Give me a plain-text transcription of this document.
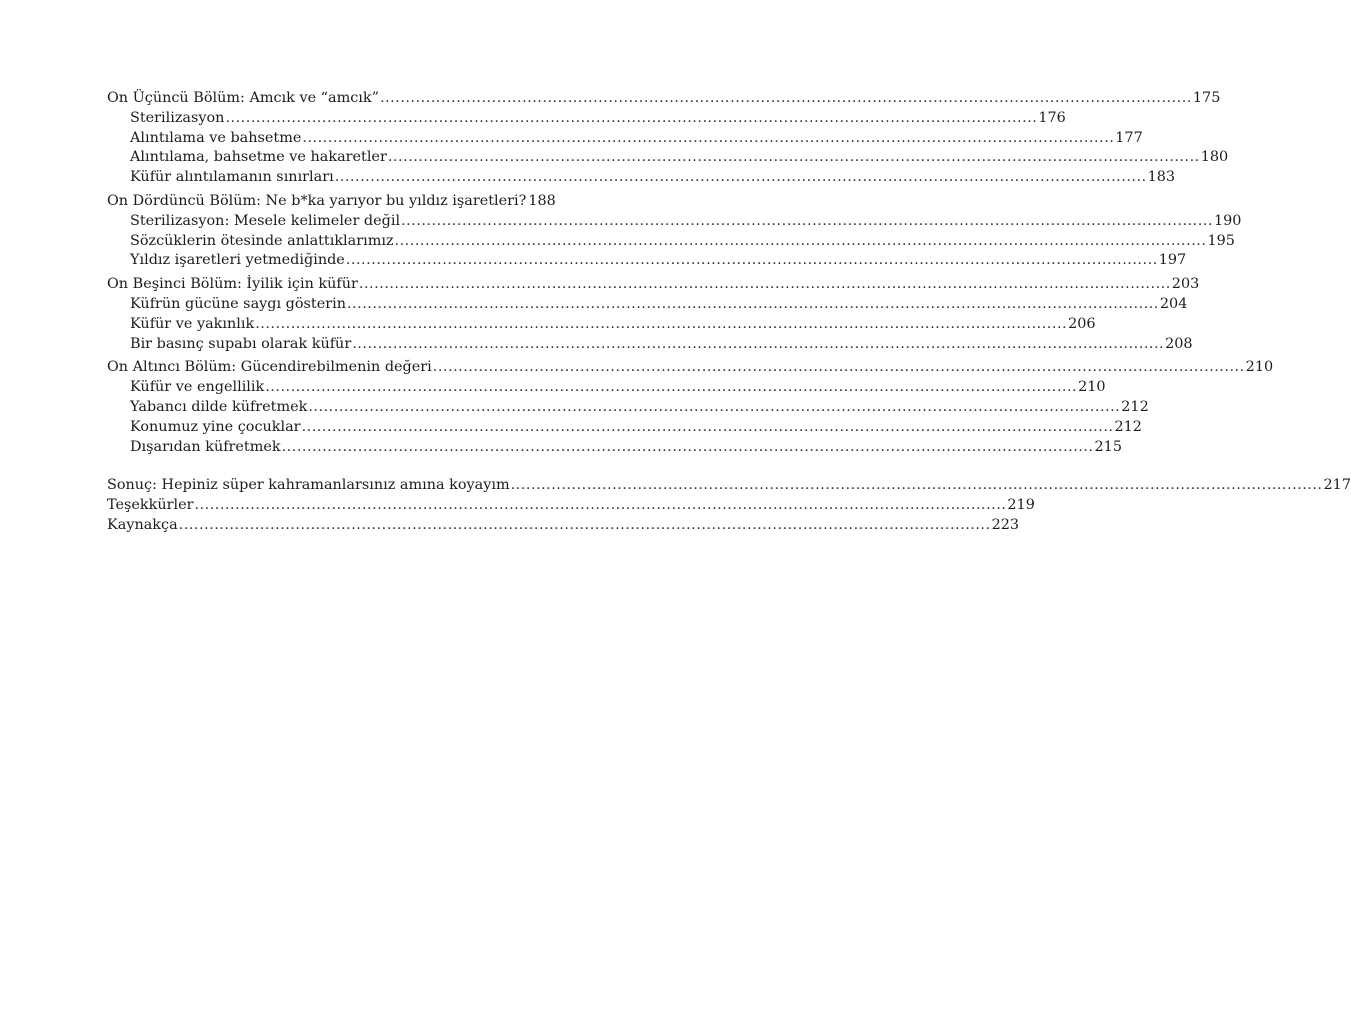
On Üçüncü Bölüm: Amcık ve “amcık” .....	175
Sterilizasyon .....	176
Alıntılama ve bahsetme .....	177
Alıntılama, bahsetme ve hakaretler .....	180
Küfür alıntılamanın sınırları .....	183
On Dördüncü Bölüm: Ne b*ka yarıyor bu yıldız işaretleri? 188
Sterilizasyon: Mesele kelimeler değil .....	190
Sözcüklerin ötesinde anlattıklarımız .....	195
Yıldız işaretleri yetmediğinde .....	197
On Beşinci Bölüm: İyilik için küfür .....	203
Küfrün gücüne saygı gösterin .....	204
Küfür ve yakınlık .....	206
Bir basınç supabı olarak küfür .....	208
On Altıncı Bölüm: Gücendirebilmenin değeri .....	210
Küfür ve engellilik .....	210
Yabancı dilde küfretmek .....	212
Konumuz yine çocuklar .....	212
Dışarıdan küfretmek .....	215
Sonuç: Hepiniz süper kahramanlarsınız amına koyayım .....	217
Teşekkürler .....	219
Kaynakça .....	223
